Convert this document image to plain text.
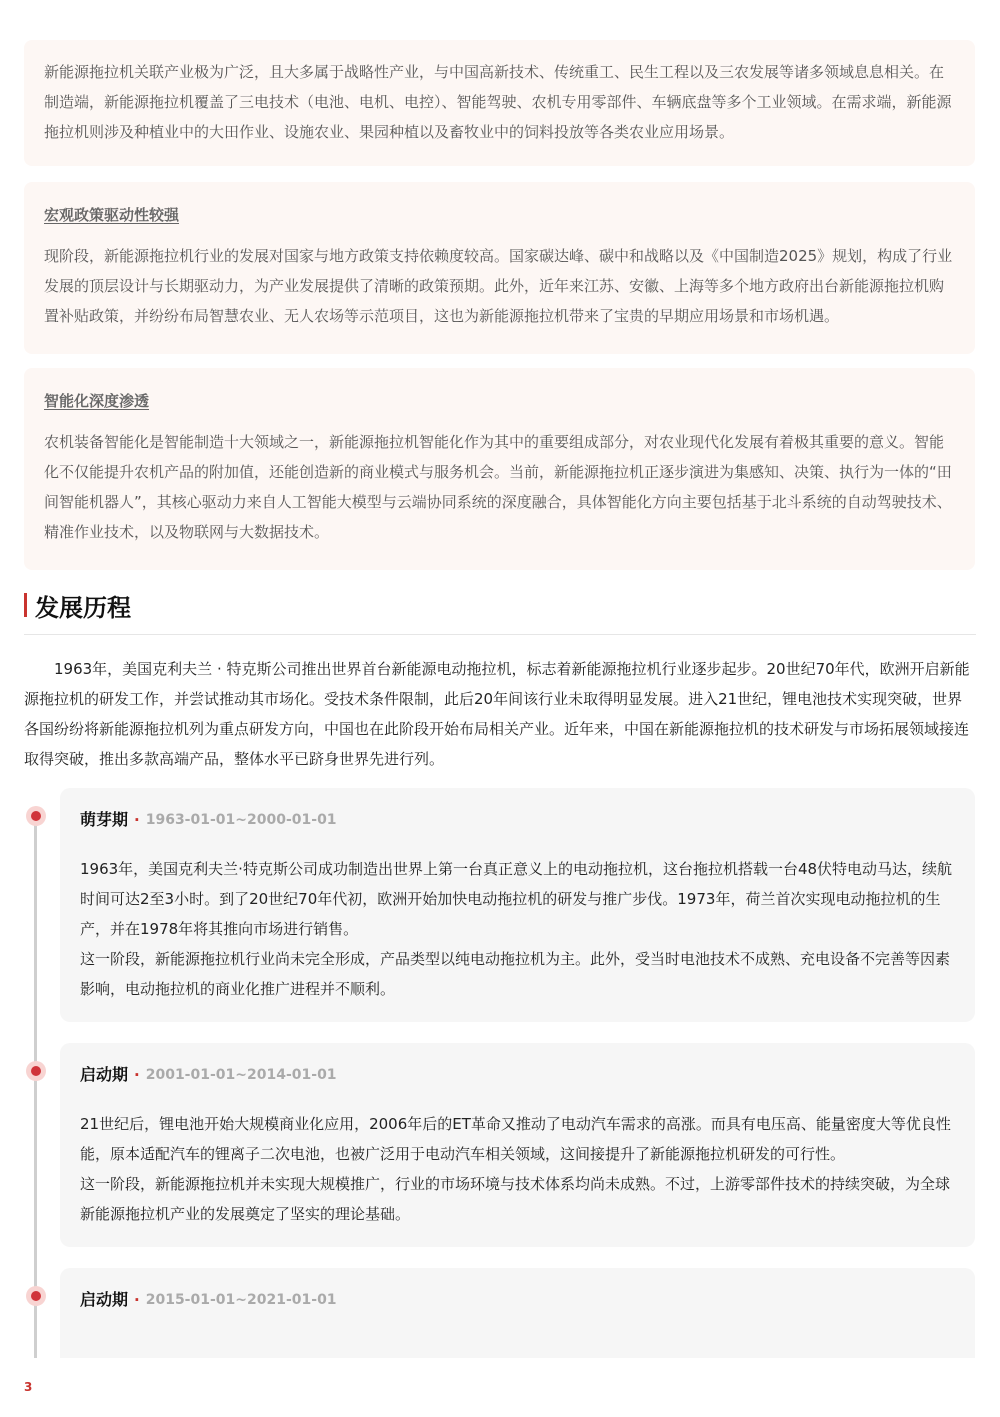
新能源拖拉机关联产业极为广泛，且大多属于战略性产业，与中国高新技术、传统重工、民生工程以及三农发展等诸多领域息息相关。在制造端，新能源拖拉机覆盖了三电技术（电池、电机、电控）、智能驾驶、农机专用零部件、车辆底盘等多个工业领域。在需求端，新能源拖拉机则涉及种植业中的大田作业、设施农业、果园种植以及畜牧业中的饲料投放等各类农业应用场景。

宏观政策驱动性较强

现阶段，新能源拖拉机行业的发展对国家与地方政策支持依赖度较高。国家碳达峰、碳中和战略以及《中国制造2025》规划，构成了行业发展的顶层设计与长期驱动力，为产业发展提供了清晰的政策预期。此外，近年来江苏、安徽、上海等多个地方政府出台新能源拖拉机购置补贴政策，并纷纷布局智慧农业、无人农场等示范项目，这也为新能源拖拉机带来了宝贵的早期应用场景和市场机遇。

智能化深度渗透

农机装备智能化是智能制造十大领域之一，新能源拖拉机智能化作为其中的重要组成部分，对农业现代化发展有着极其重要的意义。智能化不仅能提升农机产品的附加值，还能创造新的商业模式与服务机会。当前，新能源拖拉机正逐步演进为集感知、决策、执行为一体的“田间智能机器人”，其核心驱动力来自人工智能大模型与云端协同系统的深度融合，具体智能化方向主要包括基于北斗系统的自动驾驶技术、精准作业技术，以及物联网与大数据技术。

发展历程

1963年，美国克利夫兰 · 特克斯公司推出世界首台新能源电动拖拉机，标志着新能源拖拉机行业逐步起步。20世纪70年代，欧洲开启新能源拖拉机的研发工作，并尝试推动其市场化。受技术条件限制，此后20年间该行业未取得明显发展。进入21世纪，锂电池技术实现突破，世界各国纷纷将新能源拖拉机列为重点研发方向，中国也在此阶段开始布局相关产业。近年来，中国在新能源拖拉机的技术研发与市场拓展领域接连取得突破，推出多款高端产品，整体水平已跻身世界先进行列。

萌芽期 · 1963-01-01~2000-01-01

1963年，美国克利夫兰·特克斯公司成功制造出世界上第一台真正意义上的电动拖拉机，这台拖拉机搭载一台48伏特电动马达，续航时间可达2至3小时。到了20世纪70年代初，欧洲开始加快电动拖拉机的研发与推广步伐。1973年，荷兰首次实现电动拖拉机的生产，并在1978年将其推向市场进行销售。

这一阶段，新能源拖拉机行业尚未完全形成，产品类型以纯电动拖拉机为主。此外，受当时电池技术不成熟、充电设备不完善等因素影响，电动拖拉机的商业化推广进程并不顺利。

启动期 · 2001-01-01~2014-01-01

21世纪后，锂电池开始大规模商业化应用，2006年后的ET革命又推动了电动汽车需求的高涨。而具有电压高、能量密度大等优良性能，原本适配汽车的锂离子二次电池，也被广泛用于电动汽车相关领域，这间接提升了新能源拖拉机研发的可行性。

这一阶段，新能源拖拉机并未实现大规模推广，行业的市场环境与技术体系均尚未成熟。不过，上游零部件技术的持续突破，为全球新能源拖拉机产业的发展奠定了坚实的理论基础。

启动期 · 2015-01-01~2021-01-01
3
